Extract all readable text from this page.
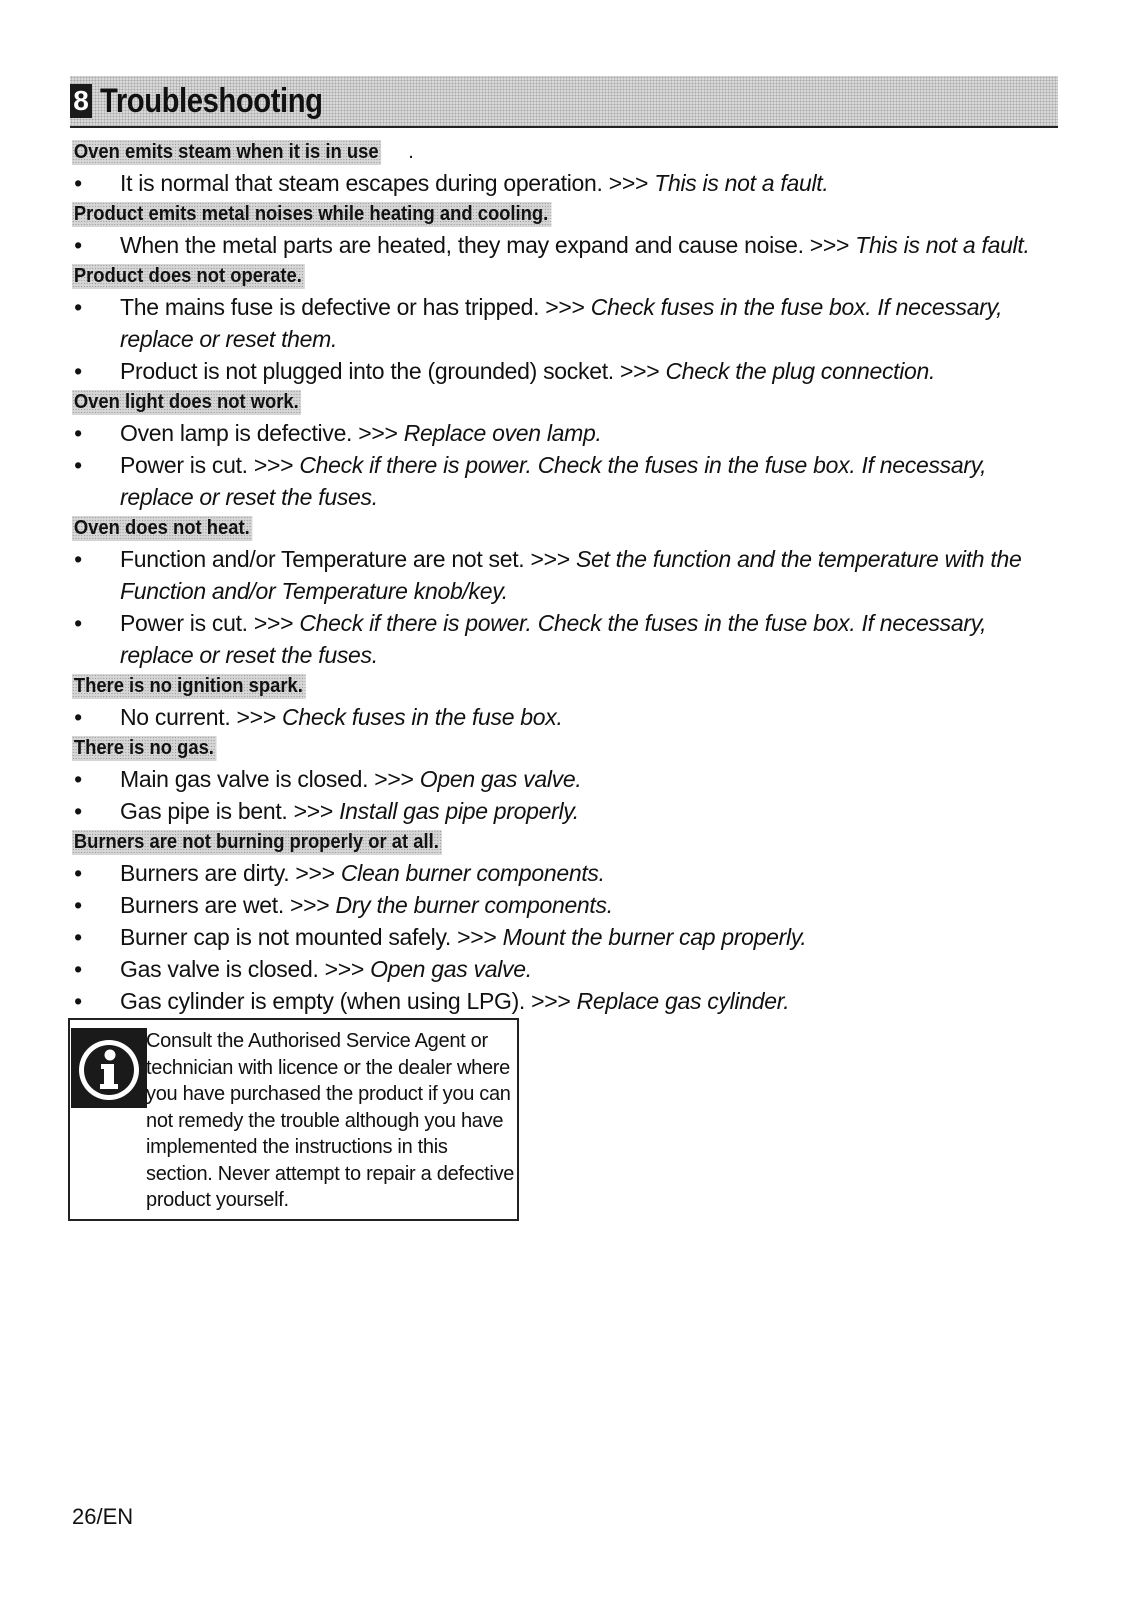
8 Troubleshooting
Oven emits steam when it is in use .
• It is normal that steam escapes during operation. >>> This is not a fault.
Product emits metal noises while heating and cooling.
• When the metal parts are heated, they may expand and cause noise. >>> This is not a fault.
Product does not operate.
• The mains fuse is defective or has tripped. >>> Check fuses in the fuse box. If necessary, replace or reset them.
• Product is not plugged into the (grounded) socket. >>> Check the plug connection.
Oven light does not work.
• Oven lamp is defective. >>> Replace oven lamp.
• Power is cut. >>> Check if there is power. Check the fuses in the fuse box. If necessary, replace or reset the fuses.
Oven does not heat.
• Function and/or Temperature are not set. >>> Set the function and the temperature with the Function and/or Temperature knob/key.
• Power is cut. >>> Check if there is power. Check the fuses in the fuse box. If necessary, replace or reset the fuses.
There is no ignition spark.
• No current. >>> Check fuses in the fuse box.
There is no gas.
• Main gas valve is closed. >>> Open gas valve.
• Gas pipe is bent. >>> Install gas pipe properly.
Burners are not burning properly or at all.
• Burners are dirty. >>> Clean burner components.
• Burners are wet. >>> Dry the burner components.
• Burner cap is not mounted safely. >>> Mount the burner cap properly.
• Gas valve is closed. >>> Open gas valve.
• Gas cylinder is empty (when using LPG). >>> Replace gas cylinder.
Consult the Authorised Service Agent or technician with licence or the dealer where you have purchased the product if you can not remedy the trouble although you have implemented the instructions in this section. Never attempt to repair a defective product yourself.
26/EN
